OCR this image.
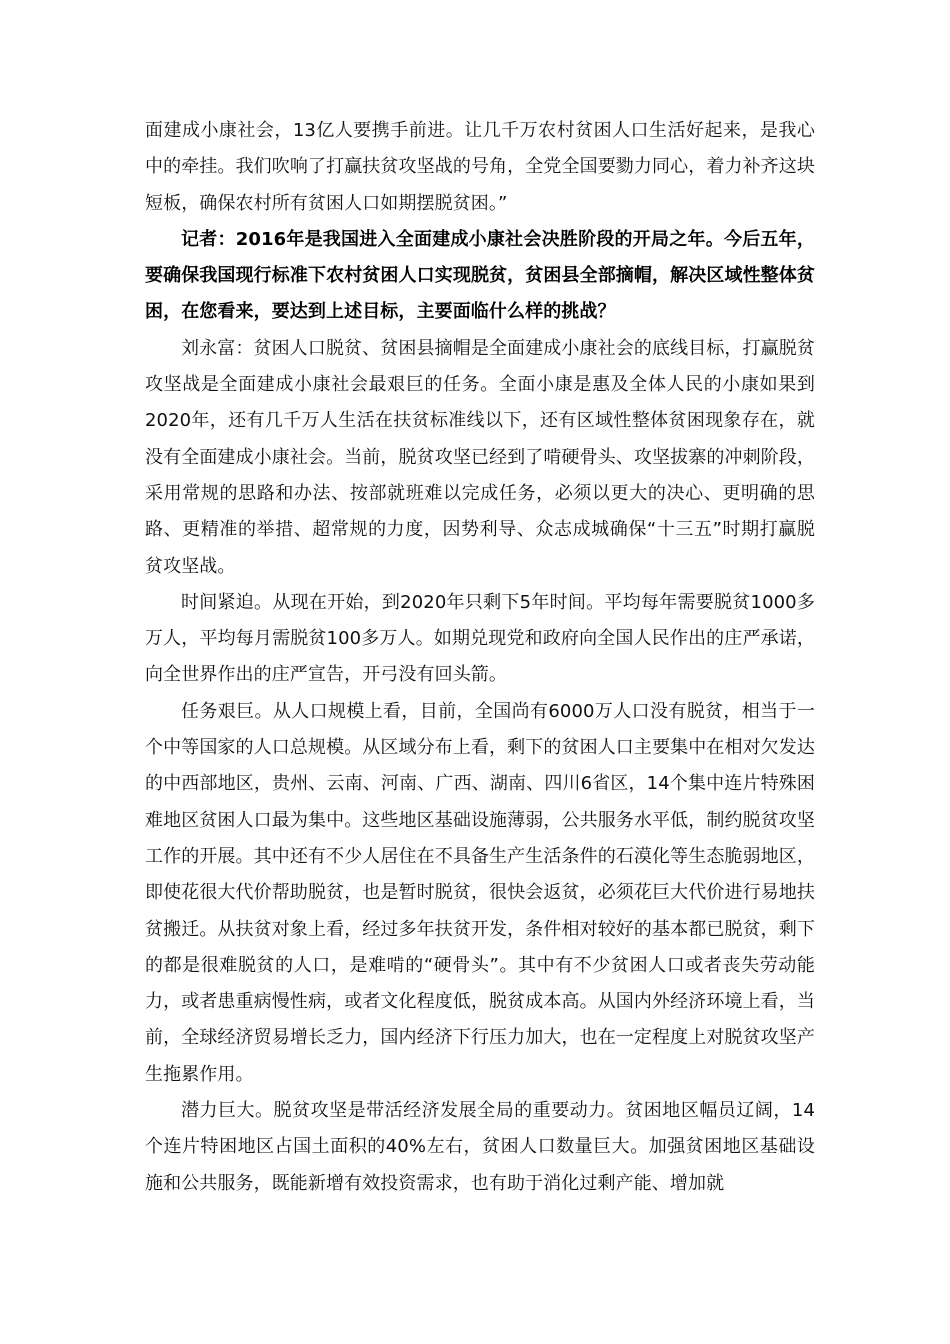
面建成小康社会，13亿人要携手前进。让几千万农村贫困人口生活好起来，是我心中的牵挂。我们吹响了打赢扶贫攻坚战的号角，全党全国要勠力同心，着力补齐这块短板，确保农村所有贫困人口如期摆脱贫困。”

记者：2016年是我国进入全面建成小康社会决胜阶段的开局之年。今后五年，要确保我国现行标准下农村贫困人口实现脱贫，贫困县全部摘帽，解决区域性整体贫困，在您看来，要达到上述目标，主要面临什么样的挑战？

刘永富：贫困人口脱贫、贫困县摘帽是全面建成小康社会的底线目标，打赢脱贫攻坚战是全面建成小康社会最艰巨的任务。全面小康是惠及全体人民的小康如果到2020年，还有几千万人生活在扶贫标准线以下，还有区域性整体贫困现象存在，就没有全面建成小康社会。当前，脱贫攻坚已经到了啃硬骨头、攻坚拔寨的冲刺阶段，采用常规的思路和办法、按部就班难以完成任务，必须以更大的决心、更明确的思路、更精准的举措、超常规的力度，因势利导、众志成城确保“十三五”时期打赢脱贫攻坚战。

时间紧迫。从现在开始，到2020年只剩下5年时间。平均每年需要脱贫1000多万人，平均每月需脱贫100多万人。如期兑现党和政府向全国人民作出的庄严承诺，向全世界作出的庄严宣告，开弓没有回头箭。

任务艰巨。从人口规模上看，目前，全国尚有6000万人口没有脱贫，相当于一个中等国家的人口总规模。从区域分布上看，剩下的贫困人口主要集中在相对欠发达的中西部地区，贵州、云南、河南、广西、湖南、四川6省区，14个集中连片特殊困难地区贫困人口最为集中。这些地区基础设施薄弱，公共服务水平低，制约脱贫攻坚工作的开展。其中还有不少人居住在不具备生产生活条件的石漠化等生态脆弱地区，即使花很大代价帮助脱贫，也是暂时脱贫，很快会返贫，必须花巨大代价进行易地扶贫搬迁。从扶贫对象上看，经过多年扶贫开发，条件相对较好的基本都已脱贫，剩下的都是很难脱贫的人口，是难啃的“硬骨头”。其中有不少贫困人口或者丧失劳动能力，或者患重病慢性病，或者文化程度低，脱贫成本高。从国内外经济环境上看，当前，全球经济贸易增长乏力，国内经济下行压力加大，也在一定程度上对脱贫攻坚产生拖累作用。

潜力巨大。脱贫攻坚是带活经济发展全局的重要动力。贫困地区幅员辽阔，14个连片特困地区占国土面积的40%左右，贫困人口数量巨大。加强贫困地区基础设施和公共服务，既能新增有效投资需求，也有助于消化过剩产能、增加就
